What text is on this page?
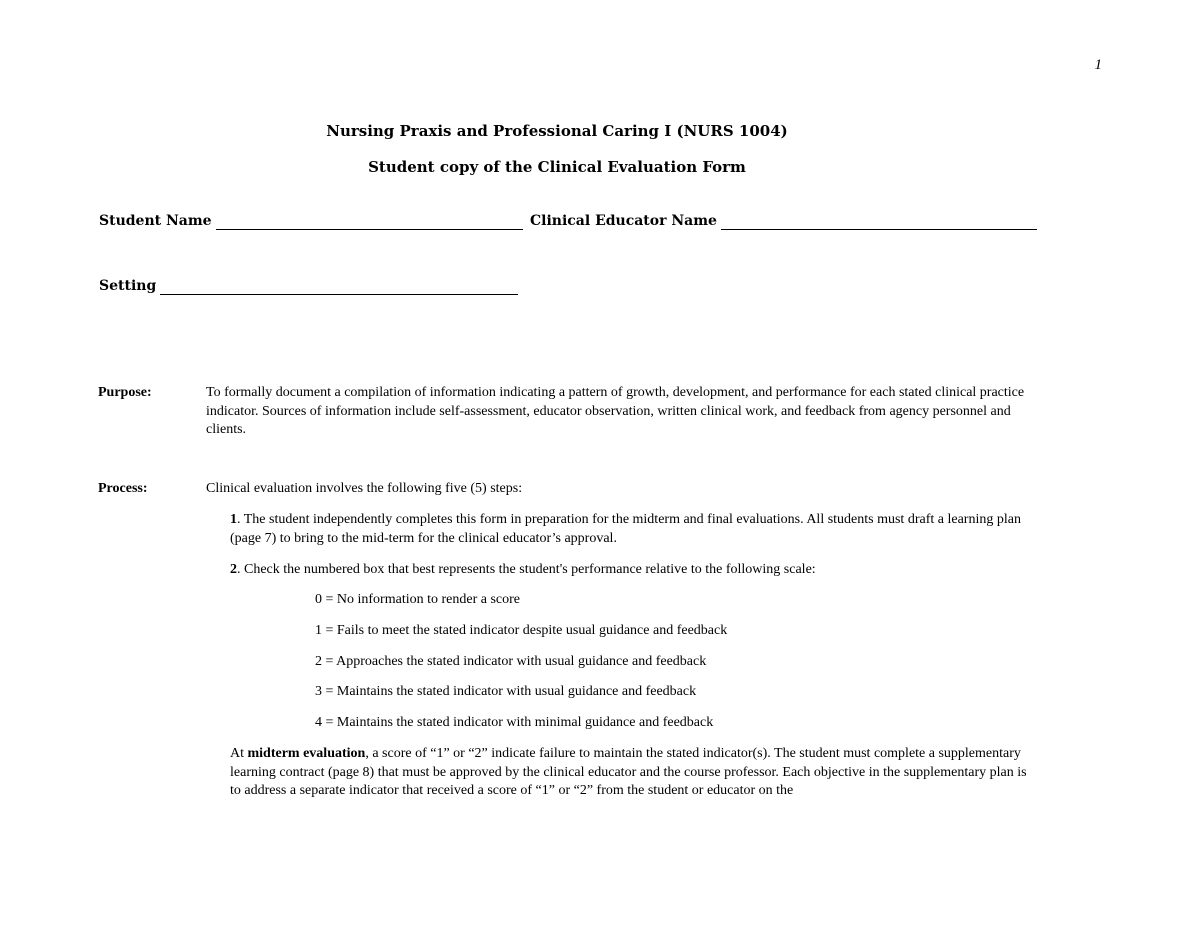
1
Nursing Praxis and Professional Caring I (NURS 1004)
Student copy of the Clinical Evaluation Form
Student Name	Clinical Educator Name
Setting
Purpose:	To formally document a compilation of information indicating a pattern of growth, development, and performance for each stated clinical practice indicator. Sources of information include self-assessment, educator observation, written clinical work, and feedback from agency personnel and clients.
Process:	Clinical evaluation involves the following five (5) steps:
1. The student independently completes this form in preparation for the midterm and final evaluations. All students must draft a learning plan (page 7) to bring to the mid-term for the clinical educator’s approval.
2. Check the numbered box that best represents the student's performance relative to the following scale:
0 = No information to render a score
1 = Fails to meet the stated indicator despite usual guidance and feedback
2 = Approaches the stated indicator with usual guidance and feedback
3 = Maintains the stated indicator with usual guidance and feedback
4 = Maintains the stated indicator with minimal guidance and feedback
At midterm evaluation, a score of “1” or “2” indicate failure to maintain the stated indicator(s). The student must complete a supplementary learning contract (page 8) that must be approved by the clinical educator and the course professor. Each objective in the supplementary plan is to address a separate indicator that received a score of “1” or “2” from the student or educator on the
